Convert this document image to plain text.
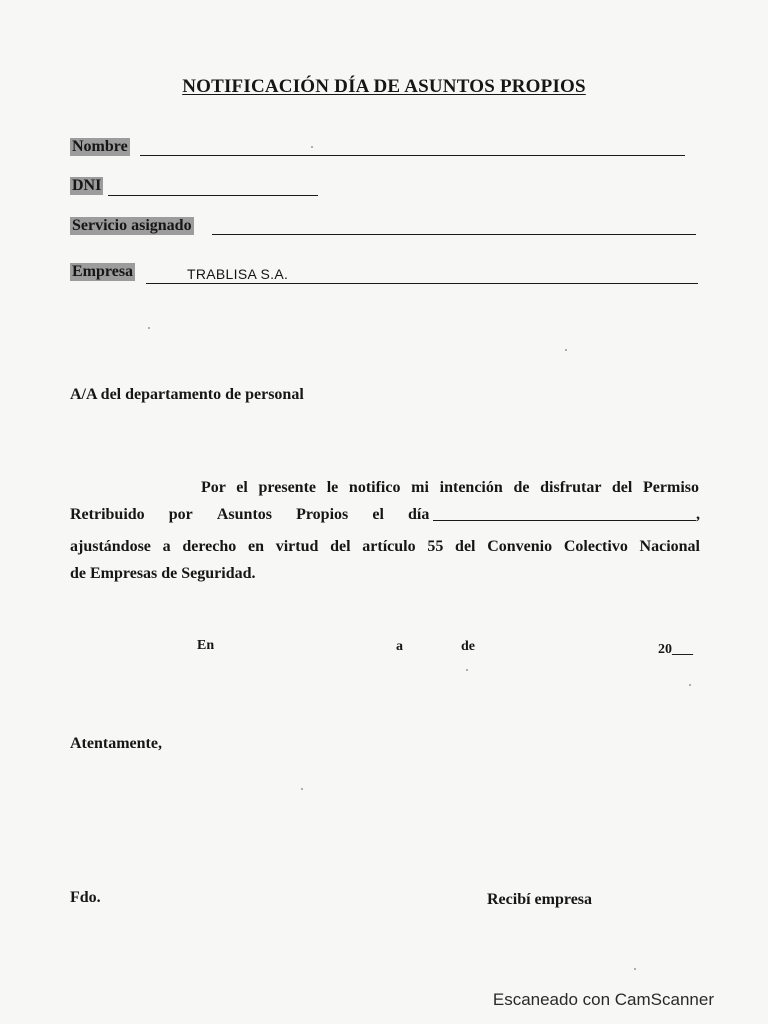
NOTIFICACIÓN DÍA DE ASUNTOS PROPIOS
Nombre
DNI
Servicio asignado
Empresa	TRABLISA S.A.
A/A del departamento de personal
Por el presente le notifico mi intención de disfrutar del Permiso
Retribuido por Asuntos Propios el día	,
ajustándose a derecho en virtud del artículo 55 del Convenio Colectivo Nacional
de Empresas de Seguridad.
En	a	de	20___
Atentamente,
Fdo.	Recibí empresa
Escaneado con CamScanner
